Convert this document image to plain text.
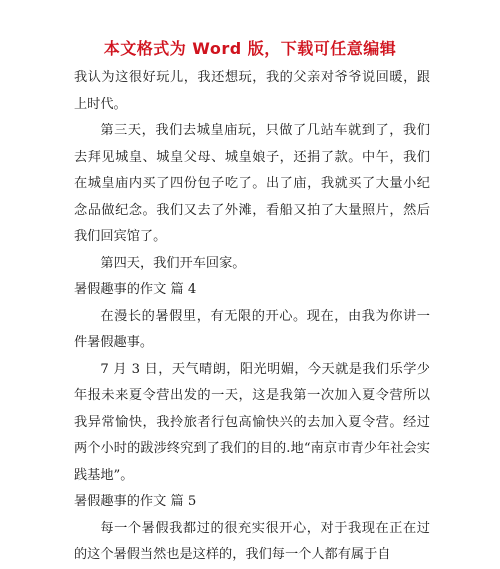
本文格式为 Word 版，下载可任意编辑

我认为这很好玩儿，我还想玩，我的父亲对爷爷说回暖，跟上时代。

第三天，我们去城皇庙玩，只做了几站车就到了，我们去拜见城皇、城皇父母、城皇娘子，还捐了款。中午，我们在城皇庙内买了四份包子吃了。出了庙，我就买了大量小纪念品做纪念。我们又去了外滩，看船又拍了大量照片，然后我们回宾馆了。

第四天，我们开车回家。

暑假趣事的作文 篇 4

在漫长的暑假里，有无限的开心。现在，由我为你讲一件暑假趣事。

7 月 3 日，天气晴朗，阳光明媚，今天就是我们乐学少年报未来夏令营出发的一天，这是我第一次加入夏令营所以我异常愉快，我拎旅者行包高愉快兴的去加入夏令营。经过两个小时的跋涉终究到了我们的目的.地“南京市青少年社会实践基地”。

暑假趣事的作文 篇 5

每一个暑假我都过的很充实很开心，对于我现在正在过的这个暑假当然也是这样的，我们每一个人都有属于自
